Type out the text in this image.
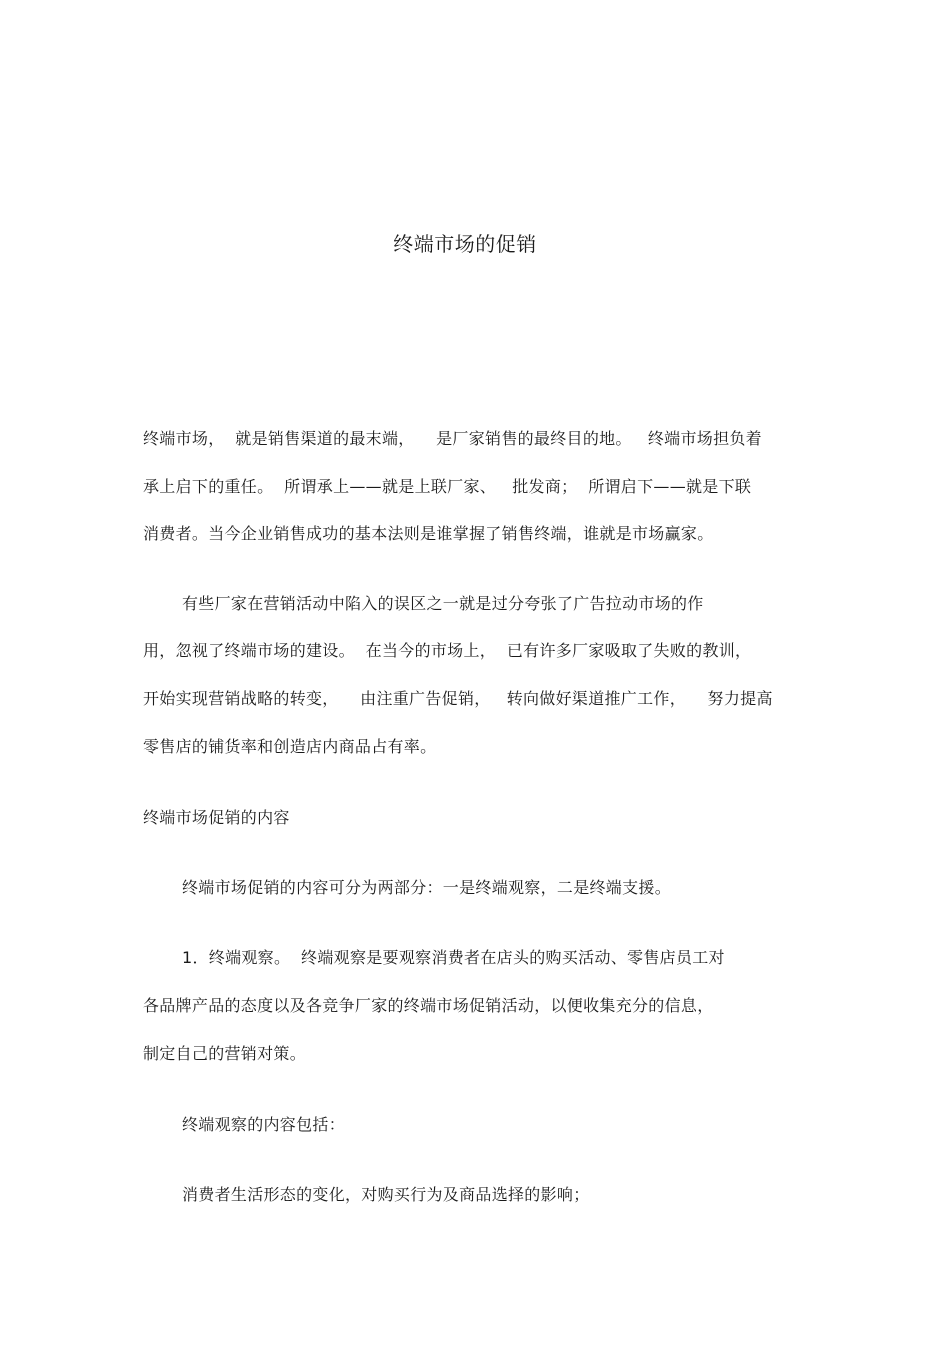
终端市场的促销
终端市场，  就是销售渠道的最末端，    是厂家销售的最终目的地。   终端市场担负着
承上启下的重任。  所谓承上——就是上联厂家、   批发商；  所谓启下——就是下联
消费者。当今企业销售成功的基本法则是谁掌握了销售终端，谁就是市场赢家。
有些厂家在营销活动中陷入的误区之一就是过分夸张了广告拉动市场的作
用，忽视了终端市场的建设。  在当今的市场上，  已有许多厂家吸取了失败的教训，
开始实现营销战略的转变，    由注重广告促销，   转向做好渠道推广工作，    努力提高
零售店的铺货率和创造店内商品占有率。
终端市场促销的内容
终端市场促销的内容可分为两部分：一是终端观察，二是终端支援。
1．终端观察。  终端观察是要观察消费者在店头的购买活动、零售店员工对
各品牌产品的态度以及各竞争厂家的终端市场促销活动，以便收集充分的信息，
制定自己的营销对策。
终端观察的内容包括：
消费者生活形态的变化，对购买行为及商品选择的影响；
